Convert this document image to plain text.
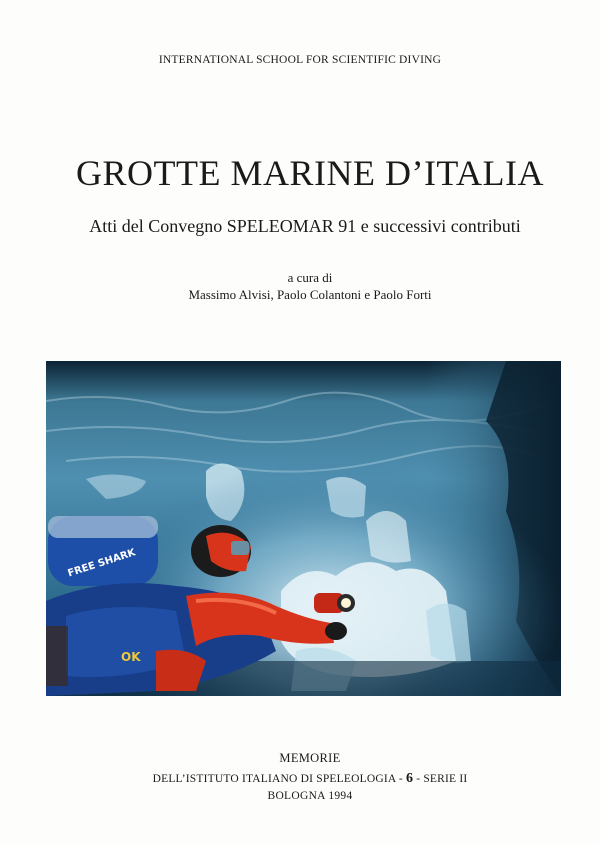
INTERNATIONAL SCHOOL FOR SCIENTIFIC DIVING
GROTTE MARINE D’ITALIA
Atti del Convegno SPELEOMAR 91 e successivi contributi
a cura di
Massimo Alvisi, Paolo Colantoni e Paolo Forti
FREE SHARK
OK
MEMORIE
DELL’ISTITUTO ITALIANO DI SPELEOLOGIA - 6 - SERIE II
BOLOGNA 1994
